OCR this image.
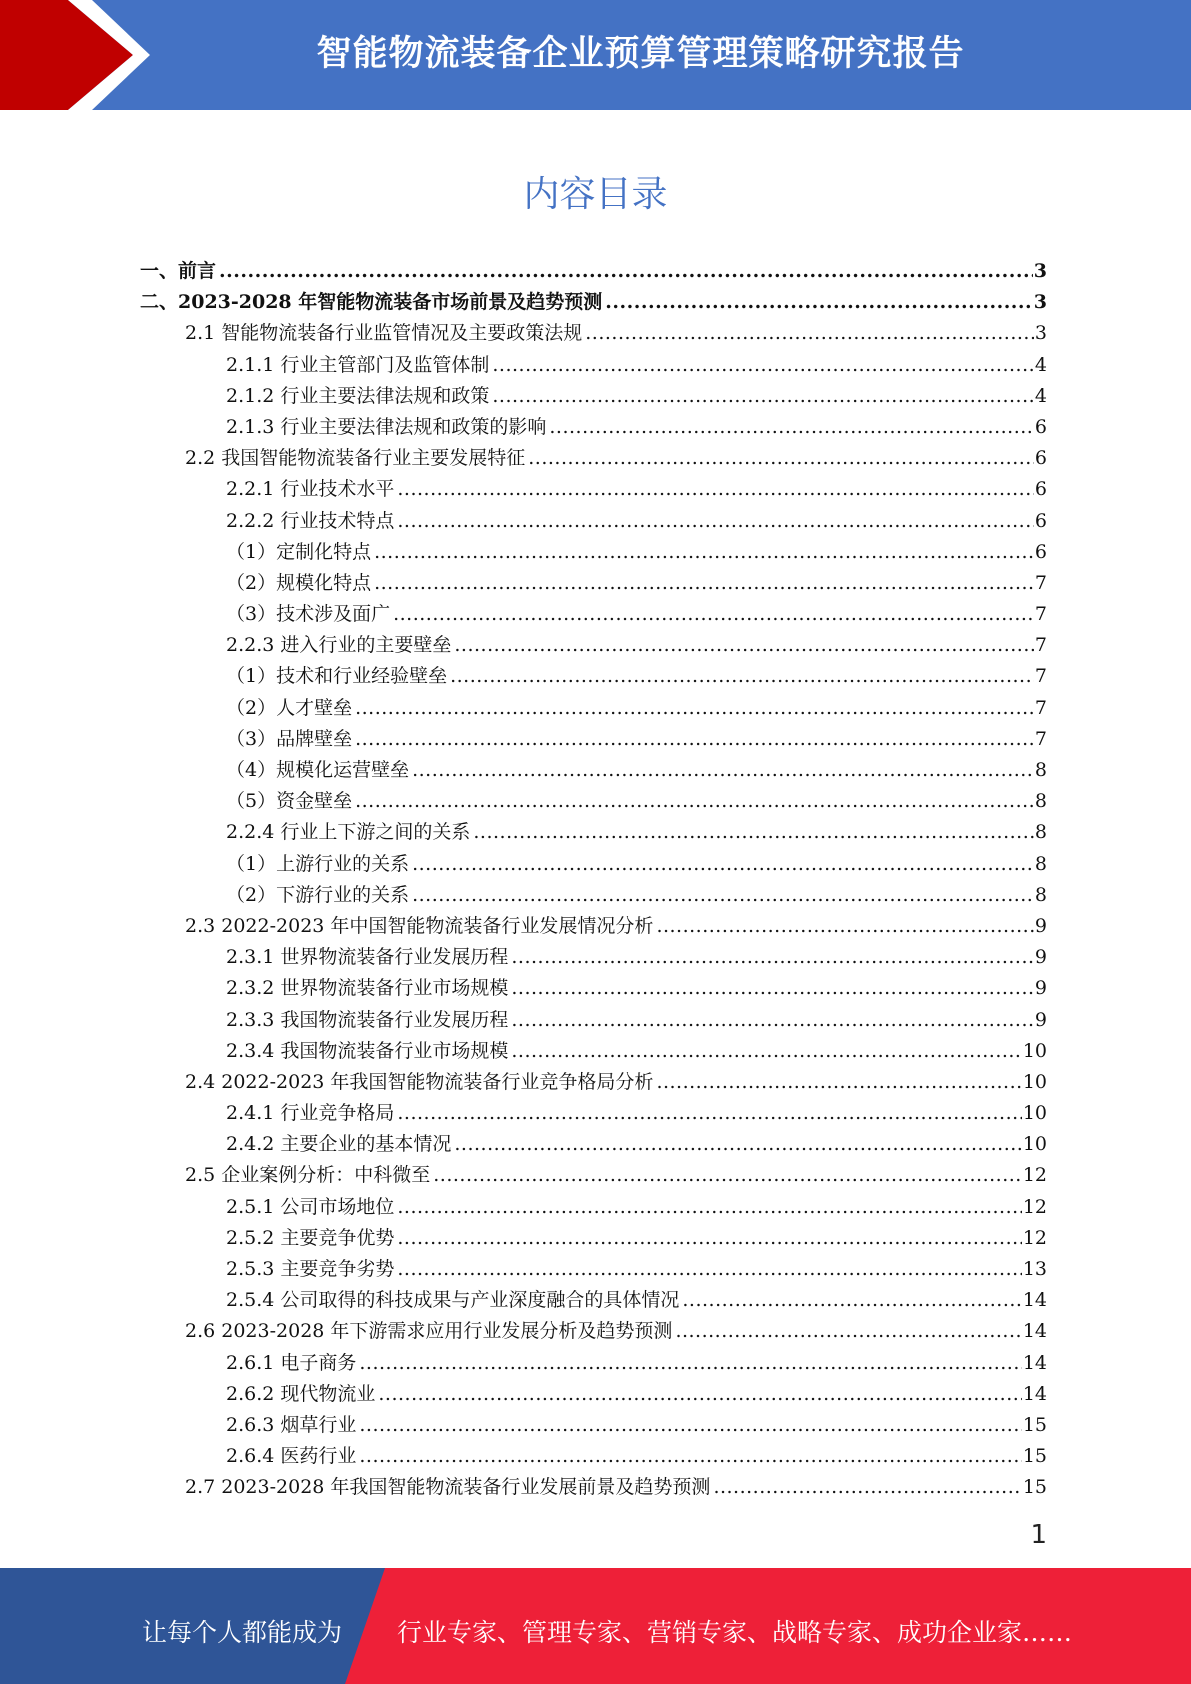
智能物流装备企业预算管理策略研究报告
内容目录
一、前言 .....	3
二、2023-2028 年智能物流装备市场前景及趋势预测 .....	3
2.1 智能物流装备行业监管情况及主要政策法规 .....	3
2.1.1 行业主管部门及监管体制 .....	4
2.1.2 行业主要法律法规和政策 .....	4
2.1.3 行业主要法律法规和政策的影响 .....	6
2.2 我国智能物流装备行业主要发展特征 .....	6
2.2.1 行业技术水平 .....	6
2.2.2 行业技术特点 .....	6
（1）定制化特点 .....	6
（2）规模化特点 .....	7
（3）技术涉及面广 .....	7
2.2.3 进入行业的主要壁垒 .....	7
（1）技术和行业经验壁垒 .....	7
（2）人才壁垒 .....	7
（3）品牌壁垒 .....	7
（4）规模化运营壁垒 .....	8
（5）资金壁垒 .....	8
2.2.4 行业上下游之间的关系 .....	8
（1）上游行业的关系 .....	8
（2）下游行业的关系 .....	8
2.3 2022-2023 年中国智能物流装备行业发展情况分析 .....	9
2.3.1 世界物流装备行业发展历程 .....	9
2.3.2 世界物流装备行业市场规模 .....	9
2.3.3 我国物流装备行业发展历程 .....	9
2.3.4 我国物流装备行业市场规模 .....	10
2.4 2022-2023 年我国智能物流装备行业竞争格局分析 .....	10
2.4.1 行业竞争格局 .....	10
2.4.2 主要企业的基本情况 .....	10
2.5 企业案例分析：中科微至 .....	12
2.5.1 公司市场地位 .....	12
2.5.2 主要竞争优势 .....	12
2.5.3 主要竞争劣势 .....	13
2.5.4 公司取得的科技成果与产业深度融合的具体情况 .....	14
2.6 2023-2028 年下游需求应用行业发展分析及趋势预测 .....	14
2.6.1 电子商务 .....	14
2.6.2 现代物流业 .....	14
2.6.3 烟草行业 .....	15
2.6.4 医药行业 .....	15
2.7 2023-2028 年我国智能物流装备行业发展前景及趋势预测 .....	15
1
让每个人都能成为 行业专家、管理专家、营销专家、战略专家、成功企业家……
